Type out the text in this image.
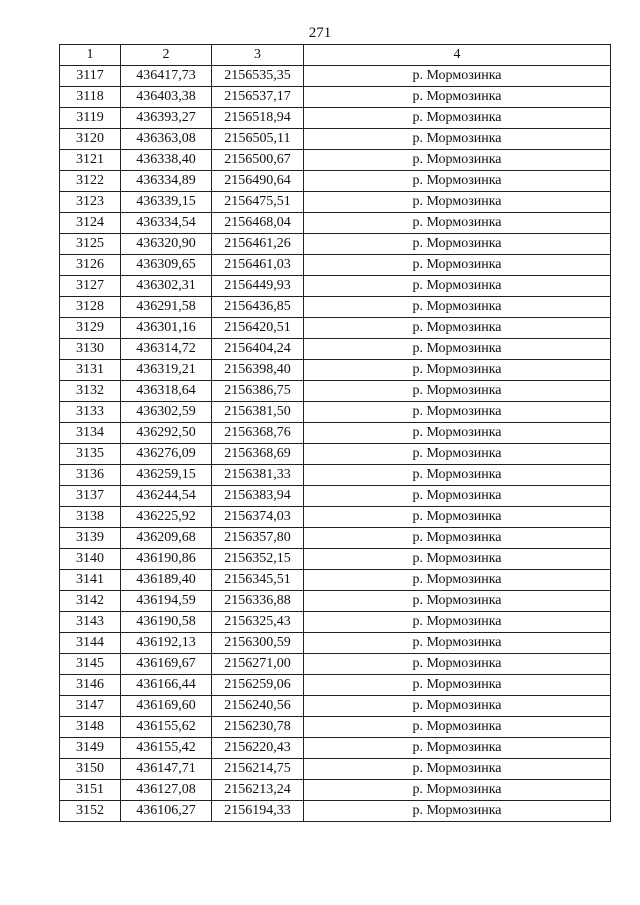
271
1	2	3	4
3117	436417,73	2156535,35	р. Мормозинка
3118	436403,38	2156537,17	р. Мормозинка
3119	436393,27	2156518,94	р. Мормозинка
3120	436363,08	2156505,11	р. Мормозинка
3121	436338,40	2156500,67	р. Мормозинка
3122	436334,89	2156490,64	р. Мормозинка
3123	436339,15	2156475,51	р. Мормозинка
3124	436334,54	2156468,04	р. Мормозинка
3125	436320,90	2156461,26	р. Мормозинка
3126	436309,65	2156461,03	р. Мормозинка
3127	436302,31	2156449,93	р. Мормозинка
3128	436291,58	2156436,85	р. Мормозинка
3129	436301,16	2156420,51	р. Мормозинка
3130	436314,72	2156404,24	р. Мормозинка
3131	436319,21	2156398,40	р. Мормозинка
3132	436318,64	2156386,75	р. Мормозинка
3133	436302,59	2156381,50	р. Мормозинка
3134	436292,50	2156368,76	р. Мормозинка
3135	436276,09	2156368,69	р. Мормозинка
3136	436259,15	2156381,33	р. Мормозинка
3137	436244,54	2156383,94	р. Мормозинка
3138	436225,92	2156374,03	р. Мормозинка
3139	436209,68	2156357,80	р. Мормозинка
3140	436190,86	2156352,15	р. Мормозинка
3141	436189,40	2156345,51	р. Мормозинка
3142	436194,59	2156336,88	р. Мормозинка
3143	436190,58	2156325,43	р. Мормозинка
3144	436192,13	2156300,59	р. Мормозинка
3145	436169,67	2156271,00	р. Мормозинка
3146	436166,44	2156259,06	р. Мормозинка
3147	436169,60	2156240,56	р. Мормозинка
3148	436155,62	2156230,78	р. Мормозинка
3149	436155,42	2156220,43	р. Мормозинка
3150	436147,71	2156214,75	р. Мормозинка
3151	436127,08	2156213,24	р. Мормозинка
3152	436106,27	2156194,33	р. Мормозинка
